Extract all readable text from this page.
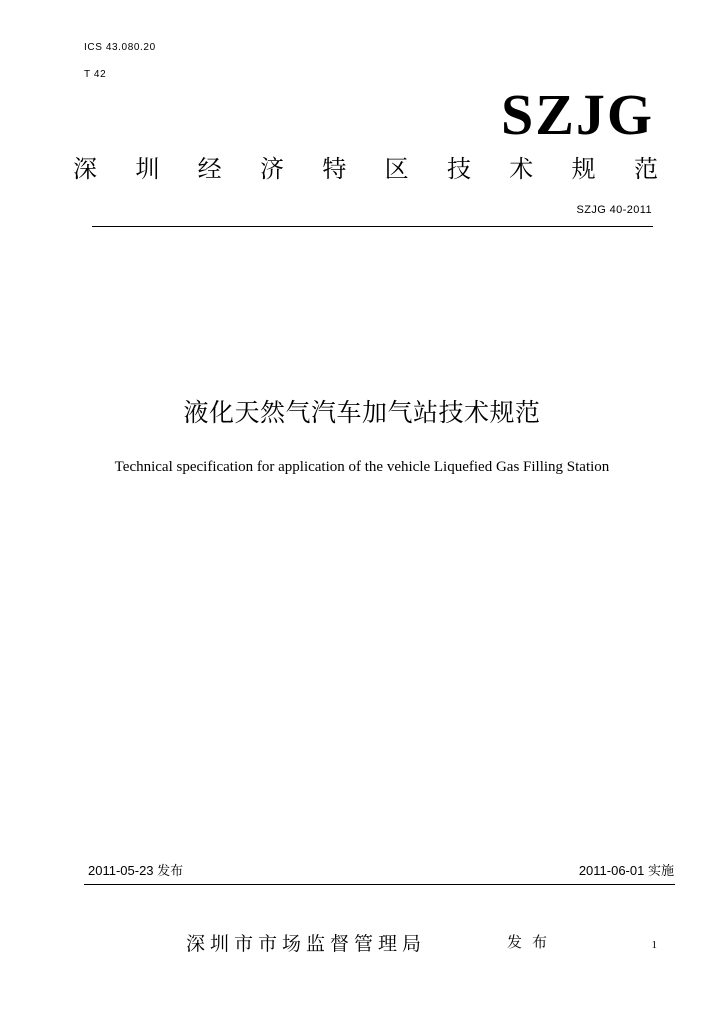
ICS 43.080.20
T 42
SZJG
深 圳 经 济 特 区 技 术 规 范
SZJG 40-2011
液化天然气汽车加气站技术规范
Technical specification for application of the vehicle Liquefied Gas Filling Station
2011-05-23 发布	2011-06-01 实施
深圳市市场监督管理局	发布	1
